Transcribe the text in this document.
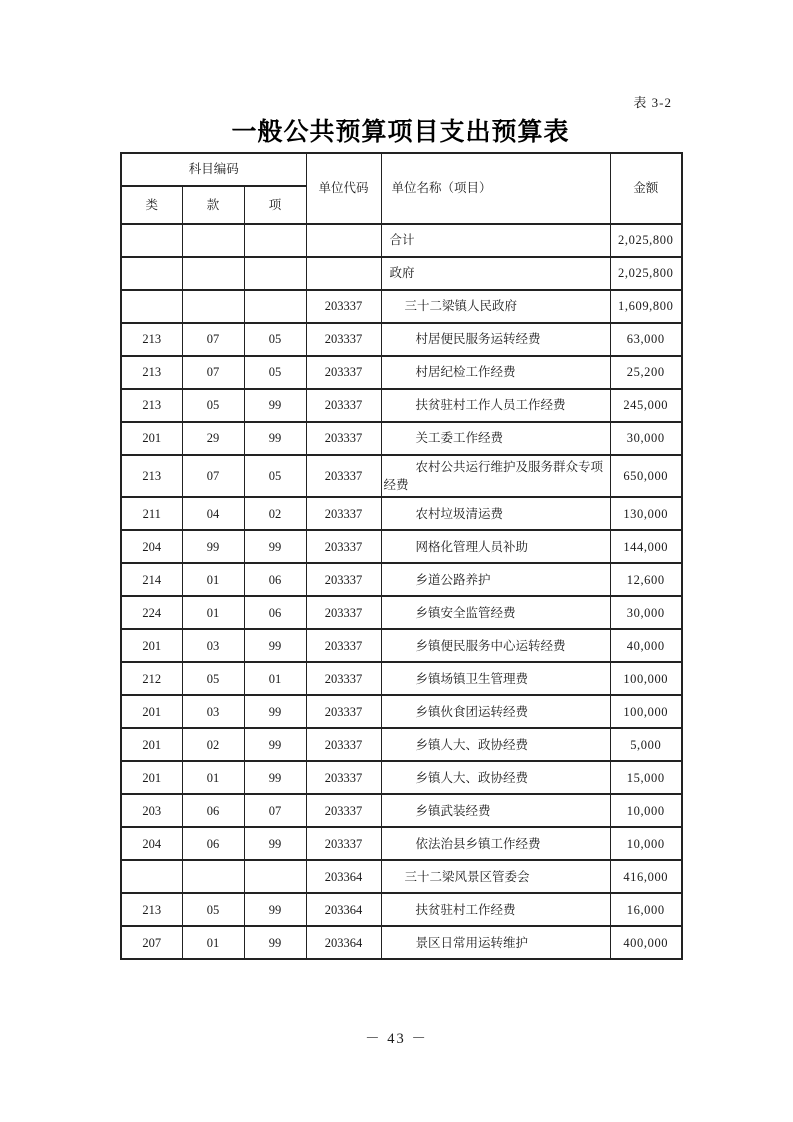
表 3-2
一般公共预算项目支出预算表
科目编码			单位代码	单位名称（项目）	金额
类	款	项			
				合计	2,025,800
				政府	2,025,800
			203337	三十二梁镇人民政府	1,609,800
213	07	05	203337	村居便民服务运转经费	63,000
213	07	05	203337	村居纪检工作经费	25,200
213	05	99	203337	扶贫驻村工作人员工作经费	245,000
201	29	99	203337	关工委工作经费	30,000
213	07	05	203337	农村公共运行维护及服务群众专项经费	650,000
211	04	02	203337	农村垃圾清运费	130,000
204	99	99	203337	网格化管理人员补助	144,000
214	01	06	203337	乡道公路养护	12,600
224	01	06	203337	乡镇安全监管经费	30,000
201	03	99	203337	乡镇便民服务中心运转经费	40,000
212	05	01	203337	乡镇场镇卫生管理费	100,000
201	03	99	203337	乡镇伙食团运转经费	100,000
201	02	99	203337	乡镇人大、政协经费	5,000
201	01	99	203337	乡镇人大、政协经费	15,000
203	06	07	203337	乡镇武装经费	10,000
204	06	99	203337	依法治县乡镇工作经费	10,000
			203364	三十二梁风景区管委会	416,000
213	05	99	203364	扶贫驻村工作经费	16,000
207	01	99	203364	景区日常用运转维护	400,000
－ 43 －
